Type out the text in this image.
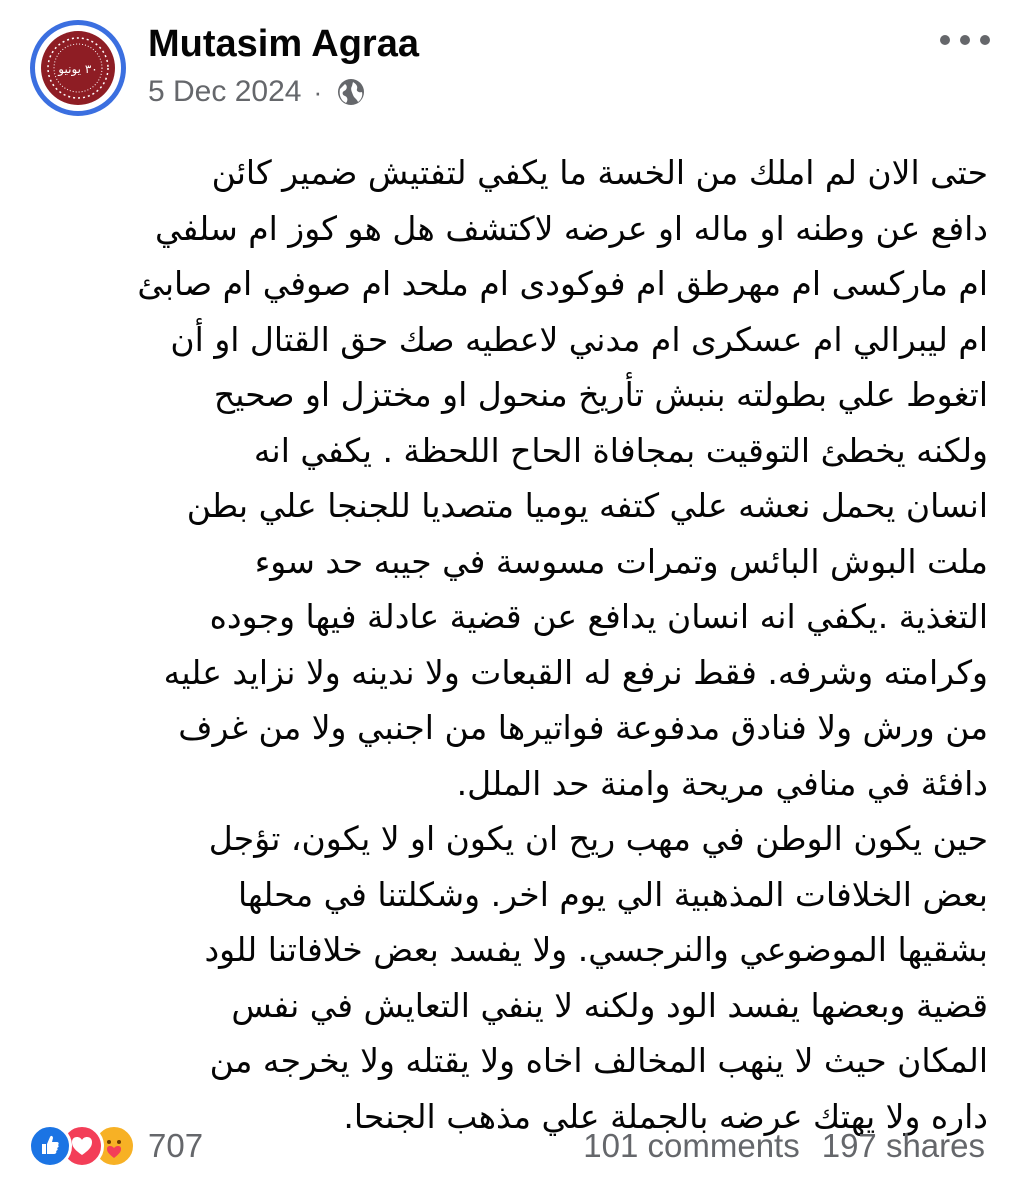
٣٠ يونيو
Mutasim Agraa
5 Dec 2024 ·
حتى الان لم املك من الخسة ما يكفي لتفتيش ضمير كائن
دافع عن وطنه او ماله او عرضه لاكتشف هل هو كوز ام سلفي
ام ماركسى ام مهرطق ام فوكودى ام ملحد ام صوفي ام صابئ
ام ليبرالي ام عسكرى ام مدني لاعطيه صك حق القتال او أن
اتغوط علي بطولته بنبش تأريخ منحول او مختزل او صحيح
ولكنه يخطئ التوقيت بمجافاة الحاح اللحظة . يكفي انه
انسان يحمل نعشه علي كتفه يوميا متصديا للجنجا علي بطن
ملت البوش البائس وتمرات مسوسة في جيبه حد سوء
التغذية .يكفي انه انسان يدافع عن قضية عادلة فيها وجوده
وكرامته وشرفه. فقط نرفع له القبعات ولا ندينه ولا نزايد عليه
من ورش ولا فنادق مدفوعة فواتيرها من اجنبي ولا من غرف
دافئة في منافي مريحة وامنة حد الملل.
حين يكون الوطن في مهب ريح ان يكون او لا يكون، تؤجل
بعض الخلافات المذهبية الي يوم اخر. وشكلتنا في محلها
بشقيها الموضوعي والنرجسي. ولا يفسد بعض خلافاتنا للود
قضية وبعضها يفسد الود ولكنه لا ينفي التعايش في نفس
المكان حيث لا ينهب المخالف اخاه ولا يقتله ولا يخرجه من
داره ولا يهتك عرضه بالجملة علي مذهب الجنحا.
707	101 comments 197 shares
